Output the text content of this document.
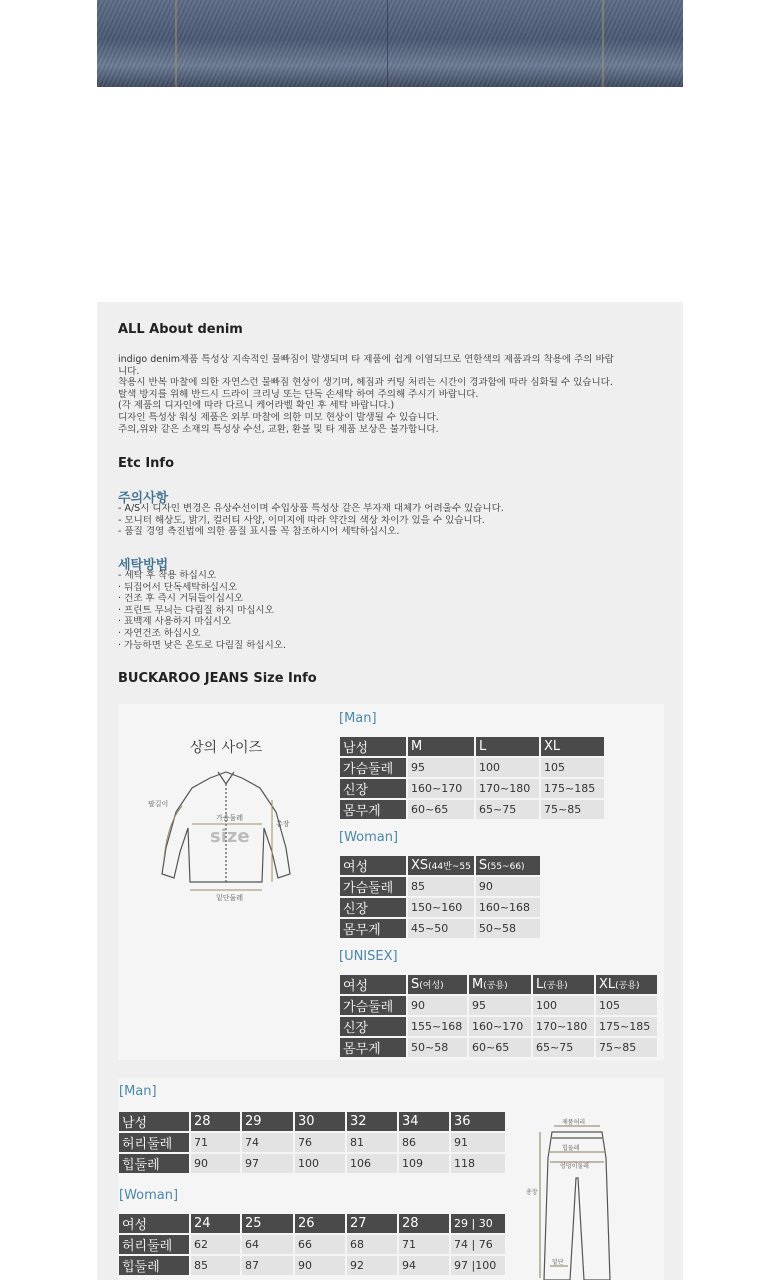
ALL About denim
indigo denim제품 특성상 지속적인 물빠짐이 발생되며 타 제품에 쉽게 이염되므로 연한색의 제품과의 착용에 주의 바랍
니다.
착용시 반복 마찰에 의한 자연스런 물빠짐 현상이 생기며, 헤짐과 커팅 처리는 시간이 경과함에 따라 심화될 수 있습니다.
탈색 방지를 위해 반드시 드라이 크리닝 또는 단독 손세탁 하여 주의해 주시기 바랍니다.
(각 제품의 디자인에 따라 다르니 케어라벨 확인 후 세탁 바랍니다.)
디자인 특성상 워싱 제품은 외부 마찰에 의한 미모 현상이 발생될 수 있습니다.
주의,위와 같은 소재의 특성상 수선, 교환, 환불 및 타 제품 보상은 불가합니다.
Etc Info
주의사항
- A/S시 디자인 변경은 유상수선이며 수입상품 특성상 같은 부자재 대체가 어려울수 있습니다.
- 모니터 해상도, 밝기, 컬러티 사양, 이미지에 따라 약간의 색상 차이가 있을 수 있습니다.
- 품질 경영 측진법에 의한 품질 표시를 꼭 참조하시어 세탁하십시오.
세탁방법
- 세탁 후 착용 하십시오
· 뒤집어서 단독세탁하십시오
· 건조 후 즉시 거둬들이십시오
· 프린트 무늬는 다림질 하지 마십시오
· 표백제 사용하지 마십시오
· 자연건조 하십시오
· 가능하면 낮은 온도로 다림질 하십시오.
BUCKAROO JEANS Size Info
상의 사이즈
팔길이
가슴둘레
총장
size
밑단둘레
[Man]
남성	M	L	XL
가슴둘레	95	100	105
신장	160~170	170~180	175~185
몸무게	60~65	65~75	75~85
[Woman]
여성	XS(44반~55	S(55~66)
가슴둘레	85	90
신장	150~160	160~168
몸무게	45~50	50~58
[UNISEX]
여성	S(여성)	M(공용)	L(공용)	XL(공용)
가슴둘레	90	95	100	105
신장	155~168	160~170	170~180	175~185
몸무게	50~58	60~65	65~75	75~85
[Man]
남성	28	29	30	32	34	36
허리둘레	71	74	76	81	86	91
힙둘레	90	97	100	106	109	118
[Woman]
여성	24	25	26	27	28	29 | 30
허리둘레	62	64	66	68	71	74 | 76
힙둘레	85	87	90	92	94	97 |100
제품허리
힙둘레
엉덩이둘레
총장
밑단
